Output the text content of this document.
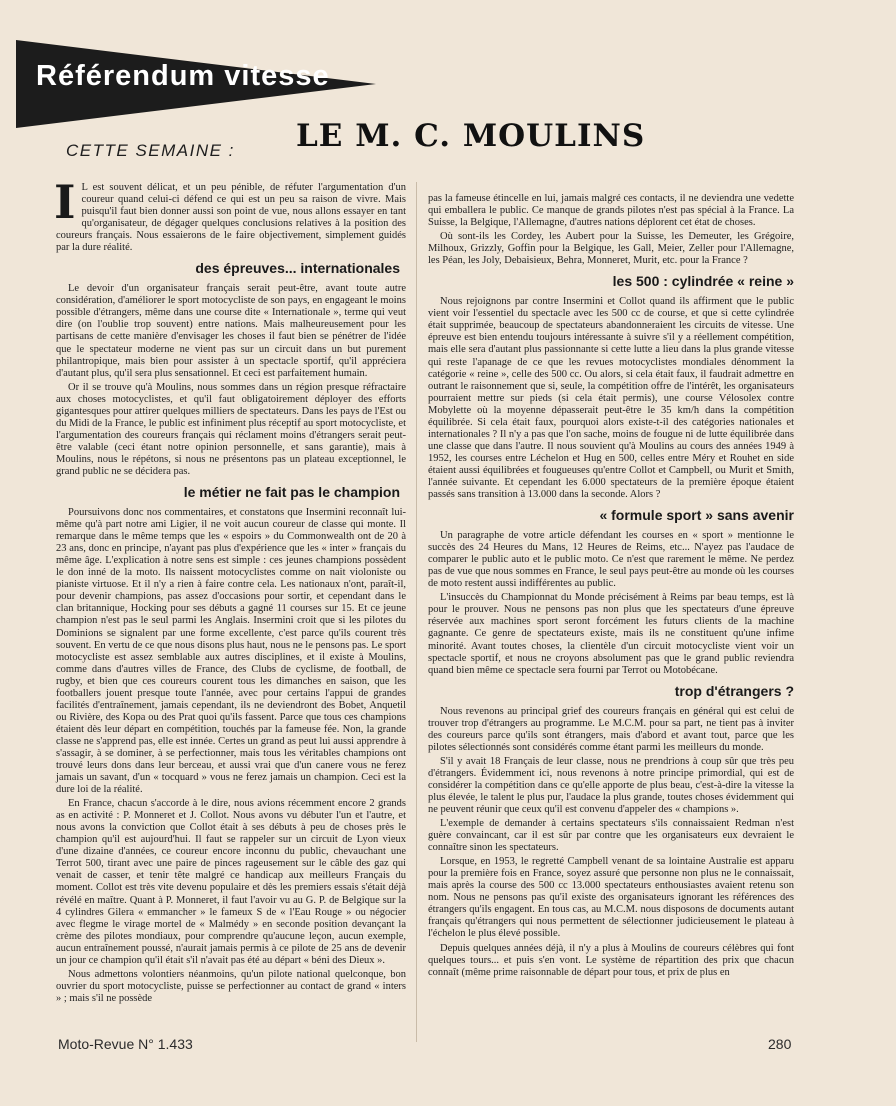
Référendum vitesse
CETTE SEMAINE : LE M. C. MOULINS

I L est souvent délicat, et un peu pénible, de réfuter l'argumentation d'un coureur quand celui-ci défend ce qui est un peu sa raison de vivre. Mais puisqu'il faut bien donner aussi son point de vue, nous allons essayer en tant qu'organisateur, de dégager quelques conclusions relatives à la position des coureurs français. Nous essaierons de le faire objectivement, simplement guidés par la dure réalité.

des épreuves... internationales

Le devoir d'un organisateur français serait peut-être, avant toute autre considération, d'améliorer le sport motocycliste de son pays, en engageant le moins possible d'étrangers, même dans une course dite « Internationale », terme qui veut dire (on l'oublie trop souvent) entre nations. Mais malheureusement pour les partisans de cette manière d'envisager les choses il faut bien se pénétrer de l'idée que le spectateur moderne ne vient pas sur un circuit dans un but purement philantropique, mais bien pour assister à un spectacle sportif, qu'il appréciera d'autant plus, qu'il sera plus sensationnel. Et ceci est parfaitement humain.

Or il se trouve qu'à Moulins, nous sommes dans un région presque réfractaire aux choses motocyclistes, et qu'il faut obligatoirement déployer des efforts gigantesques pour attirer quelques milliers de spectateurs. Dans les pays de l'Est ou du Midi de la France, le public est infiniment plus réceptif au sport motocycliste, et l'argumentation des coureurs français qui réclament moins d'étrangers serait peut-être valable (ceci étant notre opinion personnelle, et sans garantie), mais à Moulins, nous le répétons, si nous ne présentons pas un plateau exceptionnel, le grand public ne se décidera pas.

le métier ne fait pas le champion

Poursuivons donc nos commentaires, et constatons que Insermini reconnaît lui-même qu'à part notre ami Ligier, il ne voit aucun coureur de classe qui monte. Il remarque dans le même temps que les « espoirs » du Commonwealth ont de 20 à 23 ans, donc en principe, n'ayant pas plus d'expérience que les « inter » français du même âge. L'explication à notre sens est simple : ces jeunes champions possèdent le don inné de la moto. Ils naissent motocyclistes comme on nait violoniste ou pianiste virtuose. Et il n'y a rien à faire contre cela. Les nationaux n'ont, paraît-il, pour devenir champions, pas assez d'occasions pour sortir, et cependant dans le clan britannique, Hocking pour ses débuts a gagné 11 courses sur 15. Et ce jeune champion n'est pas le seul parmi les Anglais. Insermini croit que si les pilotes du Dominions se signalent par une forme excellente, c'est parce qu'ils courent très souvent. En vertu de ce que nous disons plus haut, nous ne le pensons pas. Le sport motocycliste est assez semblable aux autres disciplines, et il existe à Moulins, comme dans d'autres villes de France, des Clubs de cyclisme, de football, de rugby, et bien que ces coureurs courent tous les dimanches en saison, que les footballers jouent presque toute l'année, avec pour certains l'appui de grandes facilités d'entraînement, jamais cependant, ils ne deviendront des Bobet, Anquetil ou Rivière, des Kopa ou des Prat quoi qu'ils fassent. Parce que tous ces champions étaient dès leur départ en compétition, touchés par la fameuse fée. Non, la grande classe ne s'apprend pas, elle est innée. Certes un grand as peut lui aussi apprendre à s'assagir, à se dominer, à se perfectionner, mais tous les véritables champions ont trouvé leurs dons dans leur berceau, et aussi vrai que d'un canere vous ne ferez jamais un savant, d'un « tocquard » vous ne ferez jamais un champion. Ceci est la dure loi de la réalité.

En France, chacun s'accorde à le dire, nous avions récemment encore 2 grands as en activité : P. Monneret et J. Collot. Nous avons vu débuter l'un et l'autre, et nous avons la conviction que Collot était à ses débuts à peu de choses près le champion qu'il est aujourd'hui. Il faut se rappeler sur un circuit de Lyon vieux d'une dizaine d'années, ce coureur encore inconnu du public, chevauchant une Terrot 500, tirant avec une paire de pinces rageusement sur le câble des gaz qui venait de casser, et tenir tête malgré ce handicap aux meilleurs Français du moment. Collot est très vite devenu populaire et dès les premiers essais s'était déjà révélé en maître. Quant à P. Monneret, il faut l'avoir vu au G. P. de Belgique sur la 4 cylindres Gilera « emmancher » le fameux S de « l'Eau Rouge » ou négocier avec flegme le virage mortel de « Malmédy » en seconde position devançant la crème des pilotes mondiaux, pour comprendre qu'aucune leçon, aucun exemple, aucun entraînement poussé, n'aurait jamais permis à ce pilote de 25 ans de devenir un jour ce champion qu'il était s'il n'avait pas été au départ « béni des Dieux ».

Nous admettons volontiers néanmoins, qu'un pilote national quelconque, bon ouvrier du sport motocycliste, puisse se perfectionner au contact de grand « inters » ; mais s'il ne possède

pas la fameuse étincelle en lui, jamais malgré ces contacts, il ne deviendra une vedette qui emballera le public. Ce manque de grands pilotes n'est pas spécial à la France. La Suisse, la Belgique, l'Allemagne, d'autres nations déplorent cet état de choses.

Où sont-ils les Cordey, les Aubert pour la Suisse, les Demeuter, les Grégoire, Milhoux, Grizzly, Goffin pour la Belgique, les Gall, Meier, Zeller pour l'Allemagne, les Péan, les Joly, Debaisieux, Behra, Monneret, Murit, etc. pour la France ?

les 500 : cylindrée « reine »

Nous rejoignons par contre Insermini et Collot quand ils affirment que le public vient voir l'essentiel du spectacle avec les 500 cc de course, et que si cette cylindrée était supprimée, beaucoup de spectateurs abandonneraient les circuits de vitesse. Une épreuve est bien entendu toujours intéressante à suivre s'il y a réellement compétition, mais elle sera d'autant plus passionnante si cette lutte a lieu dans la plus grande vitesse qui reste l'apanage de ce que les revues motocyclistes mondiales dénomment la catégorie « reine », celle des 500 cc. Ou alors, si cela était faux, il faudrait admettre en outrant le raisonnement que si, seule, la compétition offre de l'intérêt, les organisateurs pourraient mettre sur pieds (si cela était permis), une course Vélosolex contre Mobylette où la moyenne dépasserait peut-être le 35 km/h dans la compétition équilibrée. Si cela était faux, pourquoi alors existe-t-il des catégories nationales et internationales ? Il n'y a pas que l'on sache, moins de fougue ni de lutte équilibrée dans une classe que dans l'autre. Il nous souvient qu'à Moulins au cours des années 1949 à 1952, les courses entre Léchelon et Hug en 500, celles entre Méry et Rouhet en side étaient aussi équilibrées et fougueuses qu'entre Collot et Campbell, ou Murit et Smith, l'année suivante. Et cependant les 6.000 spectateurs de la première époque étaient passés sans transition à 13.000 dans la seconde. Alors ?

« formule sport » sans avenir

Un paragraphe de votre article défendant les courses en « sport » mentionne le succès des 24 Heures du Mans, 12 Heures de Reims, etc... N'ayez pas l'audace de comparer le public auto et le public moto. Ce n'est que rarement le même. Ne perdez pas de vue que nous sommes en France, le seul pays peut-être au monde où les courses de moto restent aussi indifférentes au public.

L'insuccès du Championnat du Monde précisément à Reims par beau temps, est là pour le prouver. Nous ne pensons pas non plus que les spectateurs d'une épreuve réservée aux machines sport seront forcément les futurs clients de la machine gagnante. Ce genre de spectateurs existe, mais ils ne constituent qu'une infime minorité. Avant toutes choses, la clientèle d'un circuit motocycliste vient voir un spectacle sportif, et nous ne croyons absolument pas que le grand public reviendra quand bien même ce spectacle sera fourni par Terrot ou Motobécane.

trop d'étrangers ?

Nous revenons au principal grief des coureurs français en général qui est celui de trouver trop d'étrangers au programme. Le M.C.M. pour sa part, ne tient pas à inviter des coureurs parce qu'ils sont étrangers, mais d'abord et avant tout, parce que les pilotes sélectionnés sont considérés comme étant parmi les meilleurs du monde.

S'il y avait 18 Français de leur classe, nous ne prendrions à coup sûr que très peu d'étrangers. Évidemment ici, nous revenons à notre principe primordial, qui est de considérer la compétition dans ce qu'elle apporte de plus beau, c'est-à-dire la vitesse la plus élevée, le talent le plus pur, l'audace la plus grande, toutes choses évidemment qui ne peuvent réunir que ceux qu'il est convenu d'appeler des « champions ».

L'exemple de demander à certains spectateurs s'ils connaissaient Redman n'est guère convaincant, car il est sûr par contre que les organisateurs eux devraient le connaître sinon les spectateurs.

Lorsque, en 1953, le regretté Campbell venant de sa lointaine Australie est apparu pour la première fois en France, soyez assuré que personne non plus ne le connaissait, mais après la course des 500 cc 13.000 spectateurs enthousiastes avaient retenu son nom. Nous ne pensons pas qu'il existe des organisateurs ignorant les références des étrangers qu'ils engagent. En tous cas, au M.C.M. nous disposons de documents autant français qu'étrangers qui nous permettent de sélectionner judicieusement le plateau à l'échelon le plus élevé possible.

Depuis quelques années déjà, il n'y a plus à Moulins de coureurs célèbres qui font quelques tours... et puis s'en vont. Le système de répartition des prix que chacun connaît (même prime raisonnable de départ pour tous, et prix de plus en

Moto-Revue N° 1.433	280
